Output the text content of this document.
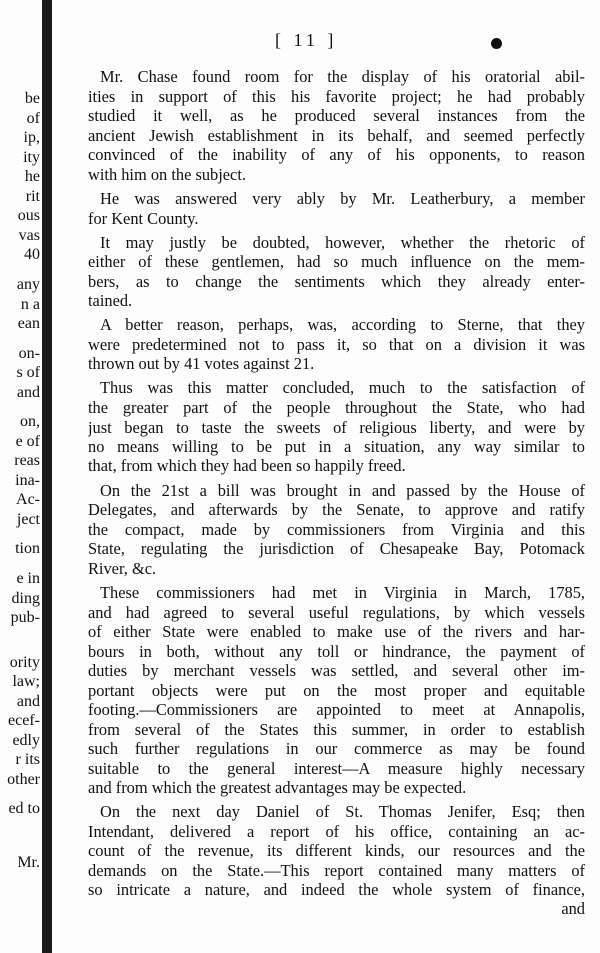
be
of
ip,
ity
he
rit
ous
vas
40
any
n a
ean
on-
s of
and
on,
e of
reas
ina-
Ac-
ject
tion
e in
ding
pub-
ority
law;
and
ecef-
edly
r its
other
ed to
Mr.
[ 11 ]
Mr. Chase found room for the display of his oratorial abil-
ities in support of this his favorite project; he had probably
studied it well, as he produced several instances from the
ancient Jewish establishment in its behalf, and seemed perfectly
convinced of the inability of any of his opponents, to reason
with him on the subject.
He was answered very ably by Mr. Leatherbury, a member
for Kent County.
It may justly be doubted, however, whether the rhetoric of
either of these gentlemen, had so much influence on the mem-
bers, as to change the sentiments which they already enter-
tained.
A better reason, perhaps, was, according to Sterne, that they
were predetermined not to pass it, so that on a division it was
thrown out by 41 votes against 21.
Thus was this matter concluded, much to the satisfaction of
the greater part of the people throughout the State, who had
just began to taste the sweets of religious liberty, and were by
no means willing to be put in a situation, any way similar to
that, from which they had been so happily freed.
On the 21st a bill was brought in and passed by the House of
Delegates, and afterwards by the Senate, to approve and ratify
the compact, made by commissioners from Virginia and this
State, regulating the jurisdiction of Chesapeake Bay, Potomack
River, &c.
These commissioners had met in Virginia in March, 1785,
and had agreed to several useful regulations, by which vessels
of either State were enabled to make use of the rivers and har-
bours in both, without any toll or hindrance, the payment of
duties by merchant vessels was settled, and several other im-
portant objects were put on the most proper and equitable
footing.—Commissioners are appointed to meet at Annapolis,
from several of the States this summer, in order to establish
such further regulations in our commerce as may be found
suitable to the general interest—A measure highly necessary
and from which the greatest advantages may be expected.
On the next day Daniel of St. Thomas Jenifer, Esq; then
Intendant, delivered a report of his office, containing an ac-
count of the revenue, its different kinds, our resources and the
demands on the State.—This report contained many matters of
so intricate a nature, and indeed the whole system of finance,
and
